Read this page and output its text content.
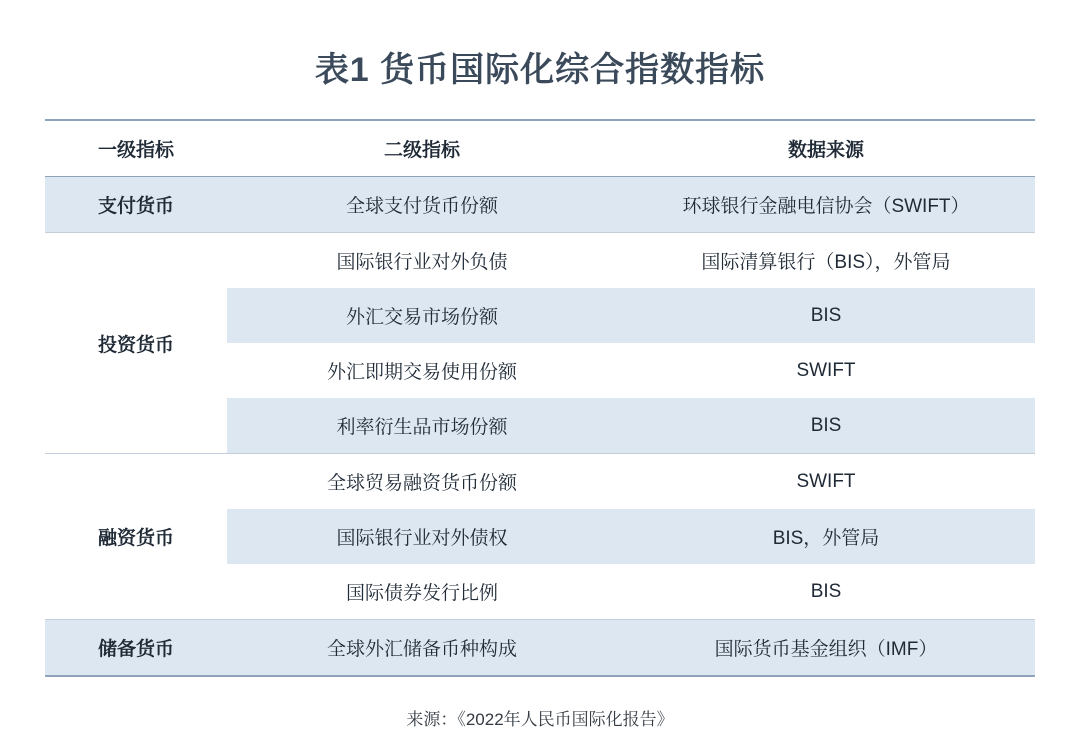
表1 货币国际化综合指数指标
一级指标	二级指标	数据来源
支付货币	全球支付货币份额	环球银行金融电信协会（SWIFT）
投资货币	国际银行业对外负债	国际清算银行（BIS），外管局
	外汇交易市场份额	BIS
	外汇即期交易使用份额	SWIFT
	利率衍生品市场份额	BIS
融资货币	全球贸易融资货币份额	SWIFT
	国际银行业对外债权	BIS，外管局
	国际债券发行比例	BIS
储备货币	全球外汇储备币种构成	国际货币基金组织（IMF）
来源：《2022年人民币国际化报告》
